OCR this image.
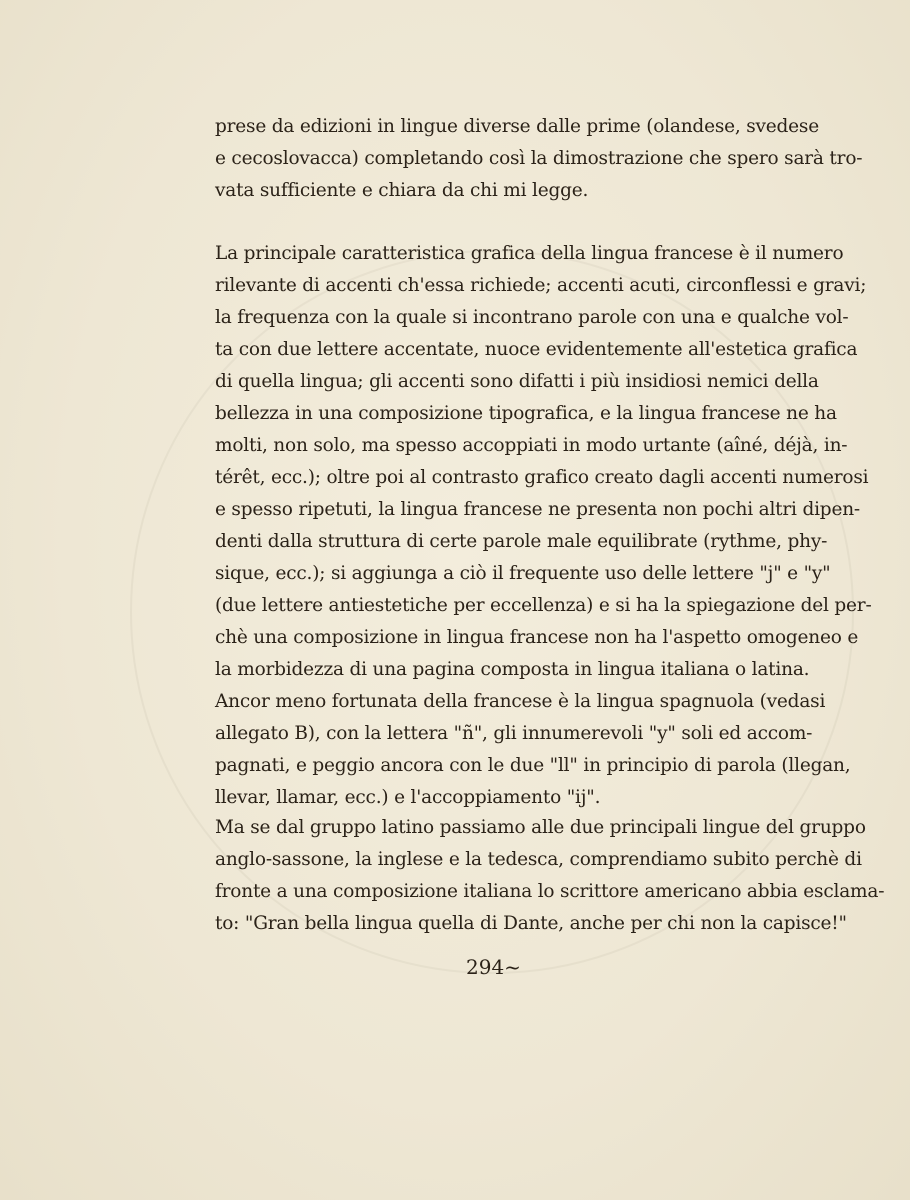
prese da edizioni in lingue diverse dalle prime (olandese, svedese
e cecoslovacca) completando così la dimostrazione che spero sarà tro-
vata sufficiente e chiara da chi mi legge.
La principale caratteristica grafica della lingua francese è il numero
rilevante di accenti ch'essa richiede; accenti acuti, circonflessi e gravi;
la frequenza con la quale si incontrano parole con una e qualche vol-
ta con due lettere accentate, nuoce evidentemente all'estetica grafica
di quella lingua; gli accenti sono difatti i più insidiosi nemici della
bellezza in una composizione tipografica, e la lingua francese ne ha
molti, non solo, ma spesso accoppiati in modo urtante (aîné, déjà, in-
térêt, ecc.); oltre poi al contrasto grafico creato dagli accenti numerosi
e spesso ripetuti, la lingua francese ne presenta non pochi altri dipen-
denti dalla struttura di certe parole male equilibrate (rythme, phy-
sique, ecc.); si aggiunga a ciò il frequente uso delle lettere "j" e "y"
(due lettere antiestetiche per eccellenza) e si ha la spiegazione del per-
chè una composizione in lingua francese non ha l'aspetto omogeneo e
la morbidezza di una pagina composta in lingua italiana o latina.
Ancor meno fortunata della francese è la lingua spagnuola (vedasi
allegato B), con la lettera "ñ", gli innumerevoli "y" soli ed accom-
pagnati, e peggio ancora con le due "ll" in principio di parola (llegan,
llevar, llamar, ecc.) e l'accoppiamento "ij".
Ma se dal gruppo latino passiamo alle due principali lingue del gruppo
anglo-sassone, la inglese e la tedesca, comprendiamo subito perchè di
fronte a una composizione italiana lo scrittore americano abbia esclama-
to: "Gran bella lingua quella di Dante, anche per chi non la capisce!"
294~
